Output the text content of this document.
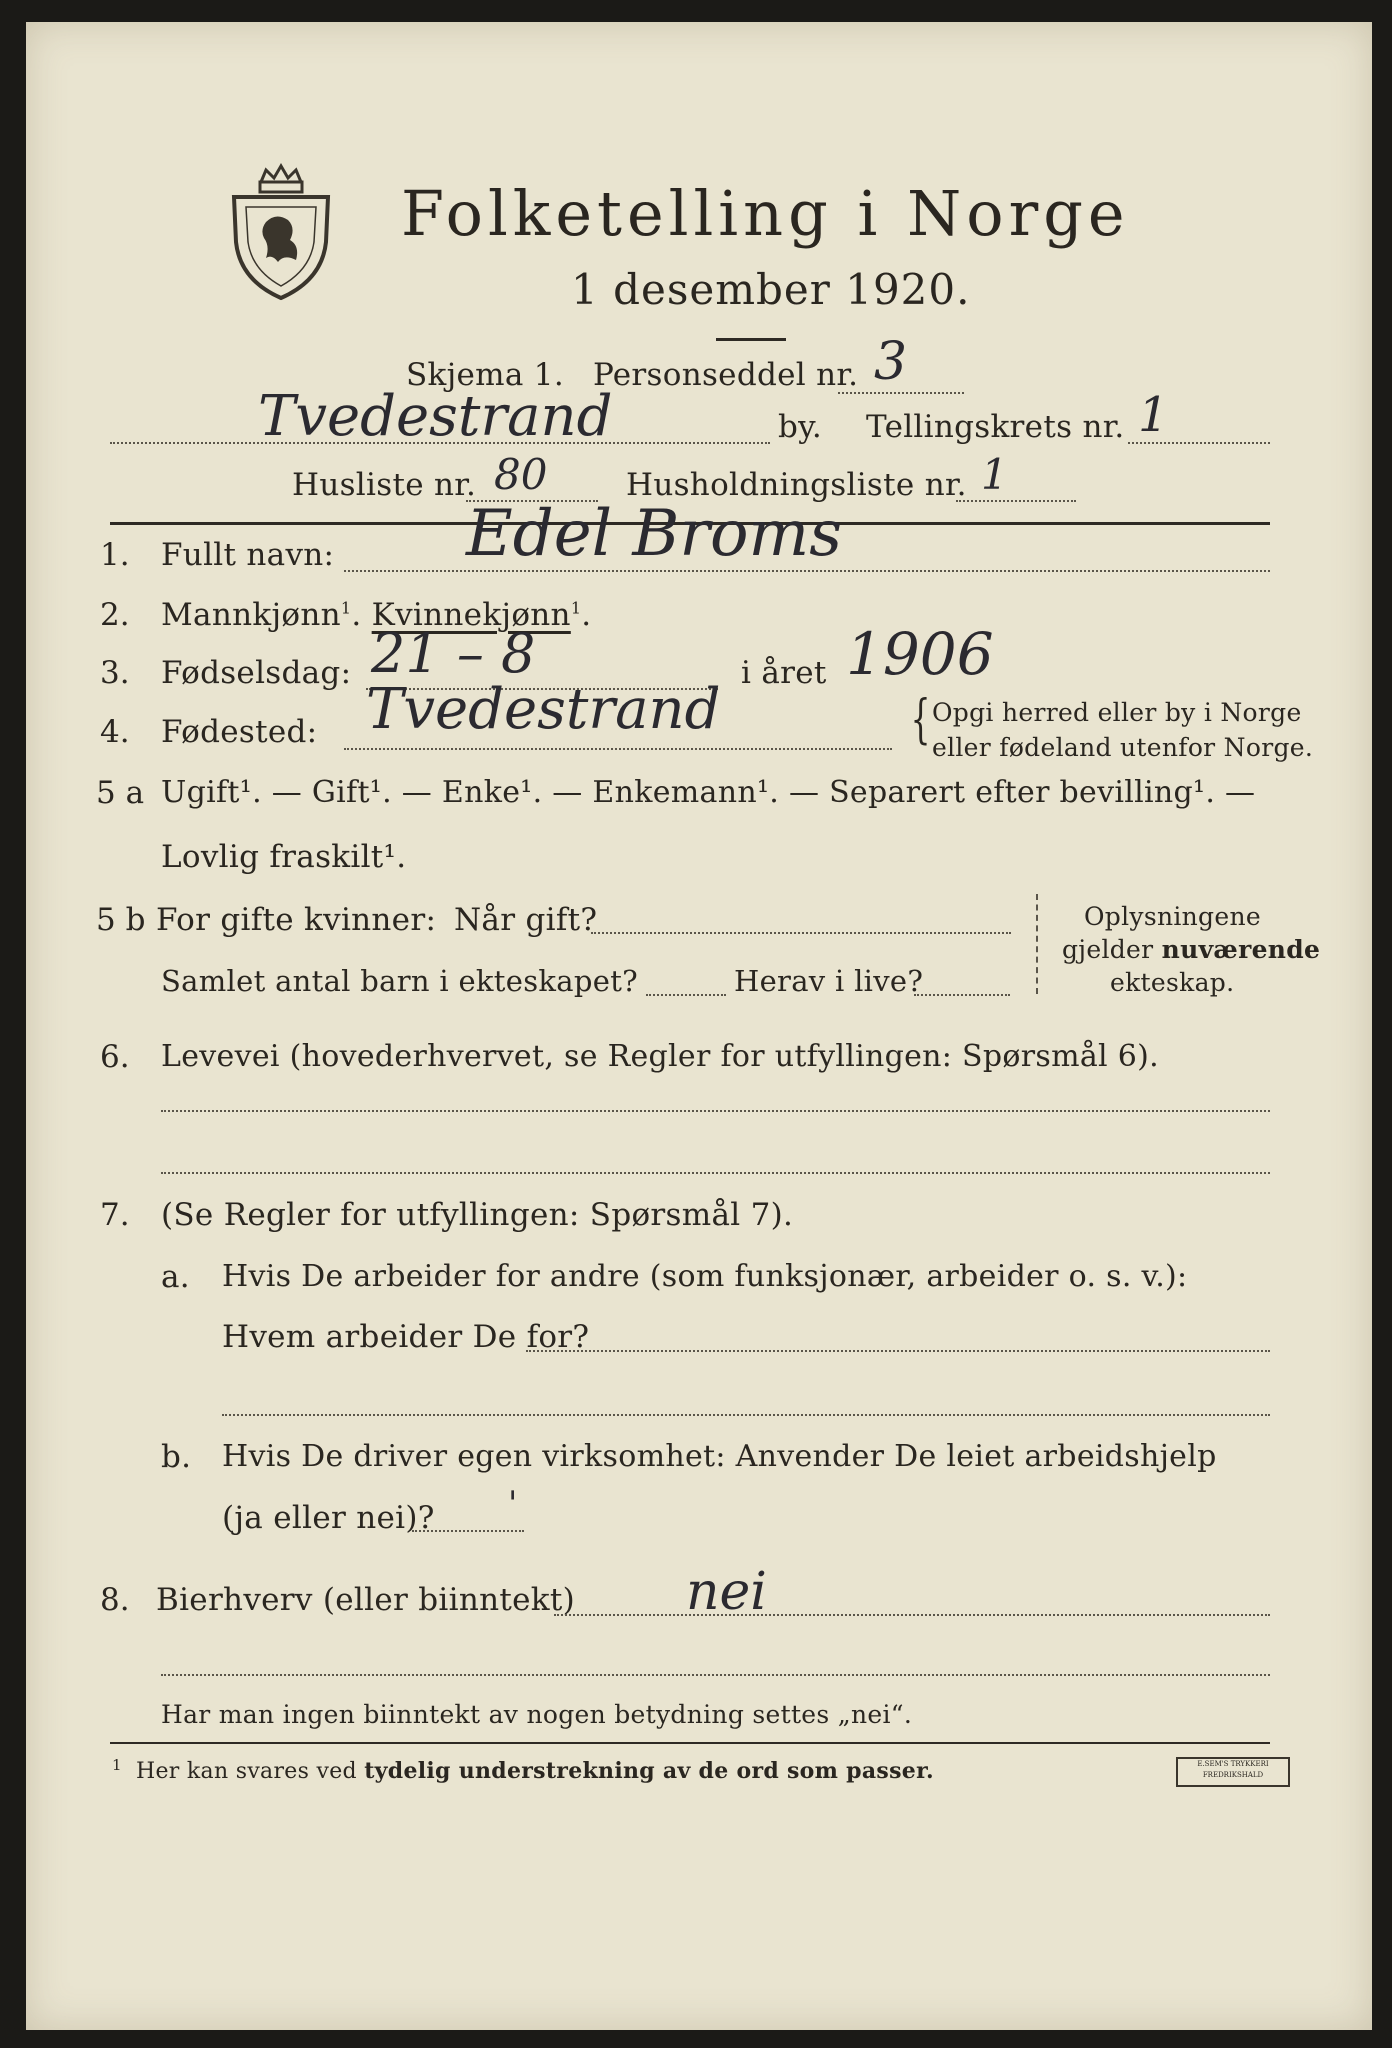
Folketelling i Norge
1 desember 1920.
Skjema 1. Personseddel nr. 3
Tvedestrand	by. Tellingskrets nr. 1
Husliste nr. 80	Husholdningsliste nr. 1
1. Fullt navn: Edel Broms
2. Mannkjønn$^1$. Kvinnekjønn$^1$.
3. Fødselsdag: 21 – 8	i året 1906
4. Fødested: Tvedestrand	{ Opgi herred eller by i Norge
eller fødeland utenfor Norge.
5 a Ugift¹. — Gift¹. — Enke¹. — Enkemann¹. — Separert efter bevilling¹. —
Lovlig fraskilt¹.
5 b For gifte kvinner: Når gift?
Samlet antal barn i ekteskapet?	Herav i live?
Oplysningene
gjelder nuværende
ekteskap.
6. Levevei (hovederhvervet, se Regler for utfyllingen: Spørsmål 6).
7. (Se Regler for utfyllingen: Spørsmål 7).
a. Hvis De arbeider for andre (som funksjonær, arbeider o. s. v.):
Hvem arbeider De for?
b. Hvis De driver egen virksomhet: Anvender De leiet arbeidshjelp
(ja eller nei)? '
8. Bierhverv (eller biinntekt) nei
Har man ingen biinntekt av nogen betydning settes „nei“.
1 Her kan svares ved tydelig understrekning av de ord som passer.	E.SEM'S TRYKKERI
FREDRIKSHALD
